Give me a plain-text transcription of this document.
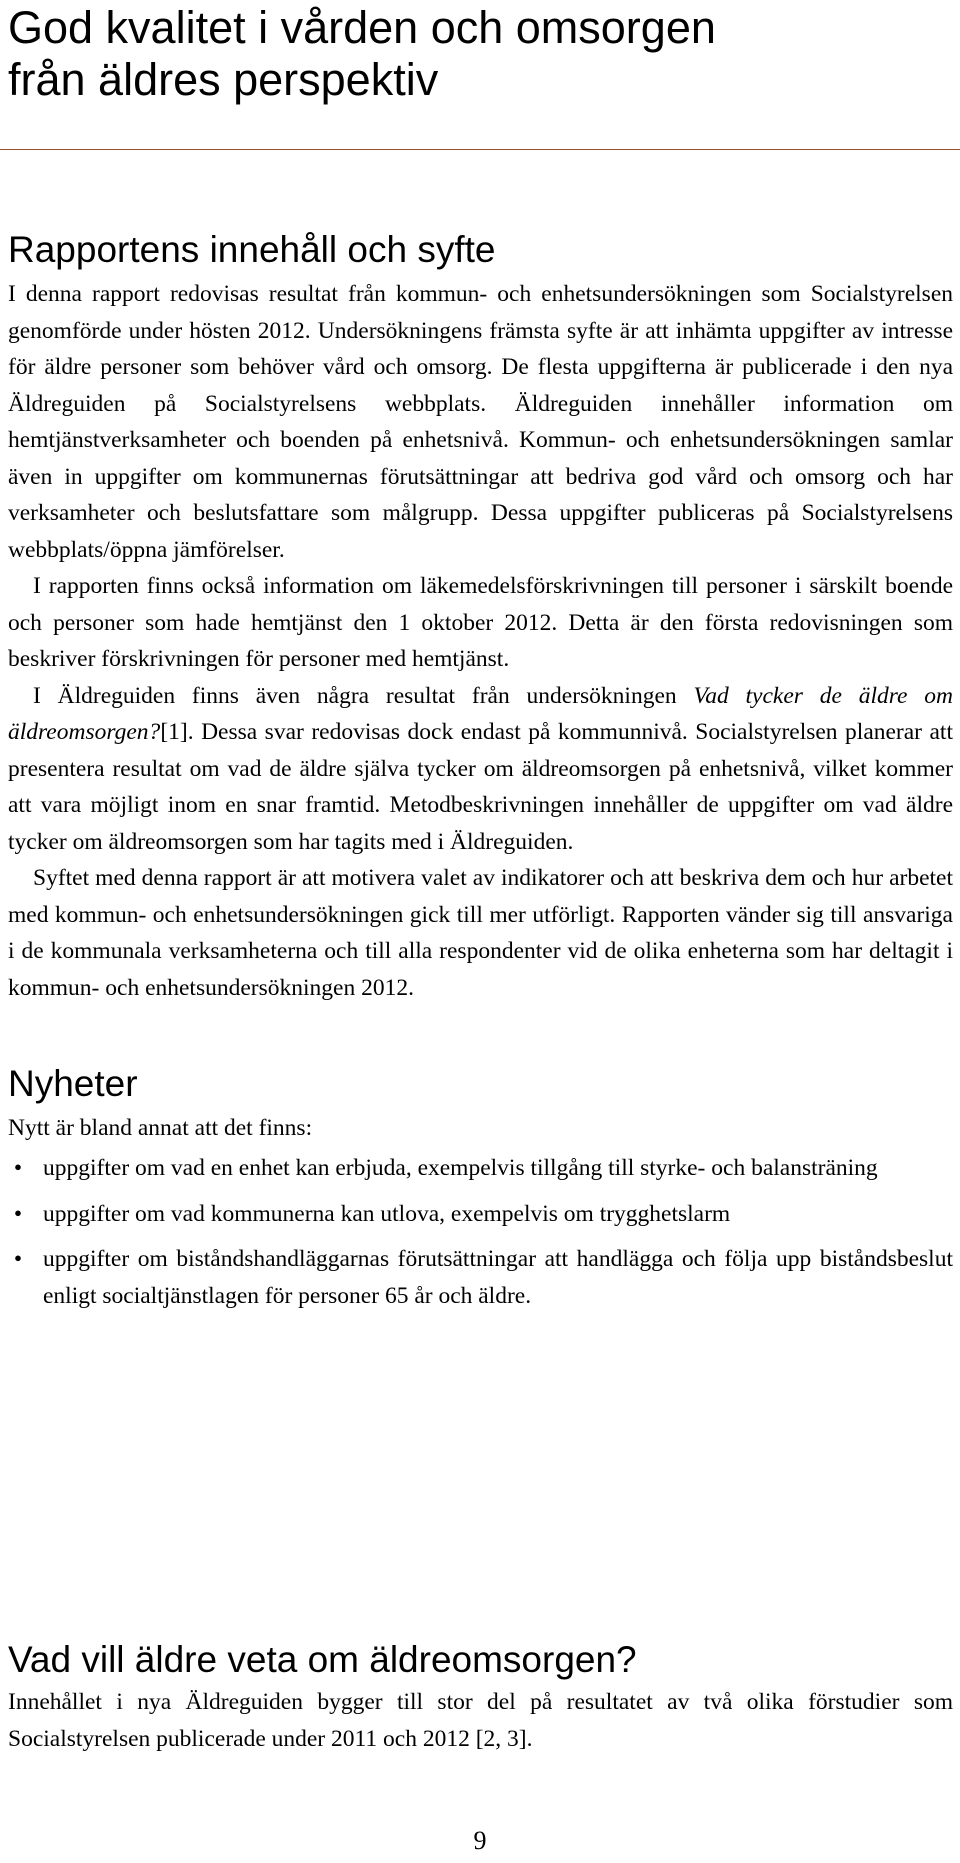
God kvalitet i vården och omsorgen
från äldres perspektiv
Rapportens innehåll och syfte

I denna rapport redovisas resultat från kommun- och enhetsundersökningen som Socialstyrelsen genomförde under hösten 2012. Undersökningens främsta syfte är att inhämta uppgifter av intresse för äldre personer som behöver vård och omsorg. De flesta uppgifterna är publicerade i den nya Äldreguiden på Socialstyrelsens webbplats. Äldreguiden innehåller information om hemtjänstverksamheter och boenden på enhetsnivå. Kommun- och enhetsundersökningen samlar även in uppgifter om kommunernas förutsättningar att bedriva god vård och omsorg och har verksamheter och beslutsfattare som målgrupp. Dessa uppgifter publiceras på Socialstyrelsens webbplats/öppna jämförelser.

I rapporten finns också information om läkemedelsförskrivningen till personer i särskilt boende och personer som hade hemtjänst den 1 oktober 2012. Detta är den första redovisningen som beskriver förskrivningen för personer med hemtjänst.

I Äldreguiden finns även några resultat från undersökningen Vad tycker de äldre om äldreomsorgen?[1]. Dessa svar redovisas dock endast på kommunnivå. Socialstyrelsen planerar att presentera resultat om vad de äldre själva tycker om äldreomsorgen på enhetsnivå, vilket kommer att vara möjligt inom en snar framtid. Metodbeskrivningen innehåller de uppgifter om vad äldre tycker om äldreomsorgen som har tagits med i Äldreguiden.

Syftet med denna rapport är att motivera valet av indikatorer och att beskriva dem och hur arbetet med kommun- och enhetsundersökningen gick till mer utförligt. Rapporten vänder sig till ansvariga i de kommunala verksamheterna och till alla respondenter vid de olika enheterna som har deltagit i kommun- och enhetsundersökningen 2012.

Nyheter

Nytt är bland annat att det finns:

• uppgifter om vad en enhet kan erbjuda, exempelvis tillgång till styrke- och balansträning
• uppgifter om vad kommunerna kan utlova, exempelvis om trygghetslarm
• uppgifter om biståndshandläggarnas förutsättningar att handlägga och följa upp biståndsbeslut enligt socialtjänstlagen för personer 65 år och äldre.
Vad vill äldre veta om äldreomsorgen?

Innehållet i nya Äldreguiden bygger till stor del på resultatet av två olika förstudier som Socialstyrelsen publicerade under 2011 och 2012 [2, 3].

9
